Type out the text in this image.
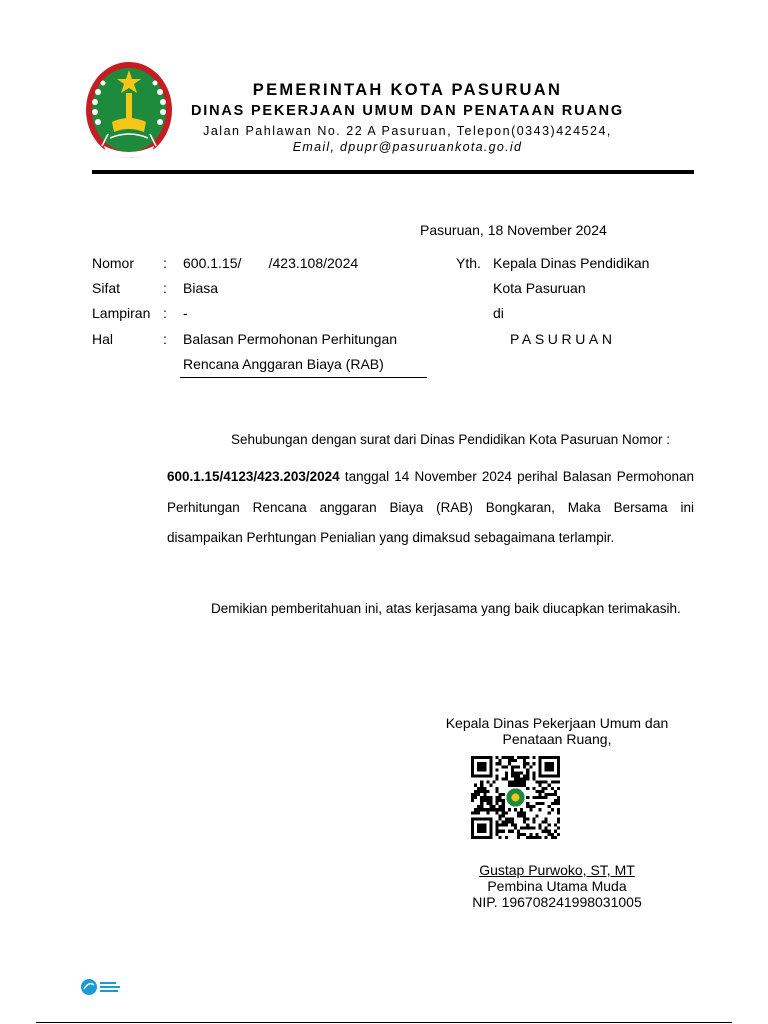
PEMERINTAH KOTA PASURUAN
DINAS PEKERJAAN UMUM DAN PENATAAN RUANG
Jalan Pahlawan No. 22 A Pasuruan, Telepon(0343)424524,
Email, dpupr@pasuruankota.go.id
Pasuruan, 18 November 2024
Nomor : 600.1.15/       /423.108/2024
Sifat	: Biasa
Lampiran : -
Hal	: Balasan Permohonan Perhitungan
Rencana Anggaran Biaya (RAB)
Yth. Kepala Dinas Pendidikan
Kota Pasuruan
di
PASURUAN
Sehubungan dengan surat dari Dinas Pendidikan Kota Pasuruan Nomor :
600.1.15/4123/423.203/2024 tanggal 14 November 2024 perihal Balasan Permohonan Perhitungan Rencana anggaran Biaya (RAB) Bongkaran, Maka Bersama ini disampaikan Perhtungan Penialian yang dimaksud sebagaimana terlampir.
Demikian pemberitahuan ini, atas kerjasama yang baik diucapkan terimakasih.
Kepala Dinas Pekerjaan Umum dan
Penataan Ruang,
Gustap Purwoko, ST, MT
Pembina Utama Muda
NIP. 196708241998031005
